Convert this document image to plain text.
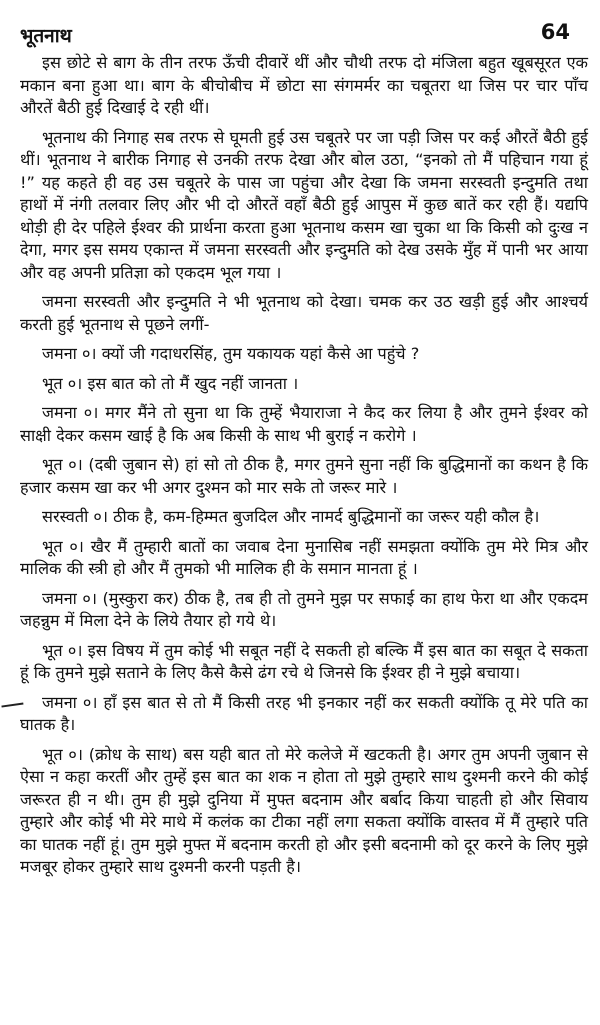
भूतनाथ	64

इस छोटे से बाग के तीन तरफ ऊँची दीवारें थीं और चौथी तरफ दो मंजिला बहुत खूबसूरत एक मकान बना हुआ था। बाग के बीचोबीच में छोटा सा संगमर्मर का चबूतरा था जिस पर चार पाँच औरतें बैठी हुई दिखाई दे रही थीं।

भूतनाथ की निगाह सब तरफ से घूमती हुई उस चबूतरे पर जा पड़ी जिस पर कई औरतें बैठी हुई थीं। भूतनाथ ने बारीक निगाह से उनकी तरफ देखा और बोल उठा, “इनको तो मैं पहिचान गया हूं !” यह कहते ही वह उस चबूतरे के पास जा पहुंचा और देखा कि जमना सरस्वती इन्दुमति तथा हाथों में नंगी तलवार लिए और भी दो औरतें वहाँ बैठी हुई आपुस में कुछ बातें कर रही हैं। यद्यपि थोड़ी ही देर पहिले ईश्वर की प्रार्थना करता हुआ भूतनाथ कसम खा चुका था कि किसी को दुःख न देगा, मगर इस समय एकान्त में जमना सरस्वती और इन्दुमति को देख उसके मुँह में पानी भर आया और वह अपनी प्रतिज्ञा को एकदम भूल गया ।

जमना सरस्वती और इन्दुमति ने भी भूतनाथ को देखा। चमक कर उठ खड़ी हुई और आश्चर्य करती हुई भूतनाथ से पूछने लगीं-

जमना ०। क्यों जी गदाधरसिंह, तुम यकायक यहां कैसे आ पहुंचे ?

भूत ०। इस बात को तो मैं खुद नहीं जानता ।

जमना ०। मगर मैंने तो सुना था कि तुम्हें भैयाराजा ने कैद कर लिया है और तुमने ईश्वर को साक्षी देकर कसम खाई है कि अब किसी के साथ भी बुराई न करोगे ।

भूत ०। (दबी जुबान से) हां सो तो ठीक है, मगर तुमने सुना नहीं कि बुद्धिमानों का कथन है कि हजार कसम खा कर भी अगर दुश्मन को मार सके तो जरूर मारे ।

सरस्वती ०। ठीक है, कम-हिम्मत बुजदिल और नामर्द बुद्धिमानों का जरूर यही कौल है।

भूत ०। खैर मैं तुम्हारी बातों का जवाब देना मुनासिब नहीं समझता क्योंकि तुम मेरे मित्र और मालिक की स्त्री हो और मैं तुमको भी मालिक ही के समान मानता हूं ।

जमना ०। (मुस्कुरा कर) ठीक है, तब ही तो तुमने मुझ पर सफाई का हाथ फेरा था और एकदम जहन्नुम में मिला देने के लिये तैयार हो गये थे।

भूत ०। इस विषय में तुम कोई भी सबूत नहीं दे सकती हो बल्कि मैं इस बात का सबूत दे सकता हूं कि तुमने मुझे सताने के लिए कैसे कैसे ढंग रचे थे जिनसे कि ईश्वर ही ने मुझे बचाया।

जमना ०। हाँ इस बात से तो मैं किसी तरह भी इनकार नहीं कर सकती क्योंकि तू मेरे पति का घातक है।

भूत ०। (क्रोध के साथ) बस यही बात तो मेरे कलेजे में खटकती है। अगर तुम अपनी जुबान से ऐसा न कहा करतीं और तुम्हें इस बात का शक न होता तो मुझे तुम्हारे साथ दुश्मनी करने की कोई जरूरत ही न थी। तुम ही मुझे दुनिया में मुफ्त बदनाम और बर्बाद किया चाहती हो और सिवाय तुम्हारे और कोई भी मेरे माथे में कलंक का टीका नहीं लगा सकता क्योंकि वास्तव में मैं तुम्हारे पति का घातक नहीं हूं। तुम मुझे मुफ्त में बदनाम करती हो और इसी बदनामी को दूर करने के लिए मुझे मजबूर होकर तुम्हारे साथ दुश्मनी करनी पड़ती है।
